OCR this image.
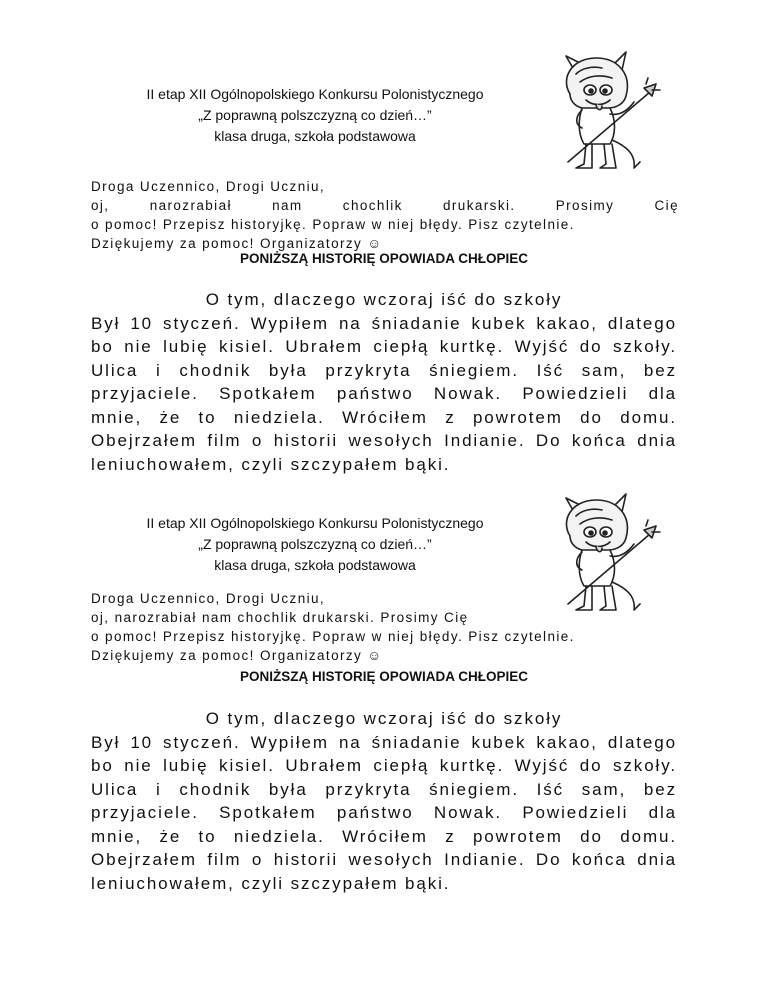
II etap XII Ogólnopolskiego Konkursu Polonistycznego
„Z poprawną polszczyzną co dzień…”
klasa druga, szkoła podstawowa
Droga Uczennico, Drogi Uczniu,
oj, narozrabiał nam chochlik drukarski. Prosimy Cię
o pomoc! Przepisz historyjkę. Popraw w niej błędy. Pisz czytelnie.
Dziękujemy za pomoc! Organizatorzy ☺
PONIŻSZĄ HISTORIĘ OPOWIADA CHŁOPIEC
O tym, dlaczego wczoraj iść do szkoły
Był 10 styczeń. Wypiłem na śniadanie kubek kakao, dlatego
bo nie lubię kisiel. Ubrałem ciepłą kurtkę. Wyjść do szkoły.
Ulica i chodnik była przykryta śniegiem. Iść sam, bez
przyjaciele. Spotkałem państwo Nowak. Powiedzieli dla
mnie, że to niedziela. Wróciłem z powrotem do domu.
Obejrzałem film o historii wesołych Indianie. Do końca dnia
leniuchowałem, czyli szczypałem bąki.
II etap XII Ogólnopolskiego Konkursu Polonistycznego
„Z poprawną polszczyzną co dzień…”
klasa druga, szkoła podstawowa
Droga Uczennico, Drogi Uczniu,
oj, narozrabiał nam chochlik drukarski. Prosimy Cię
o pomoc! Przepisz historyjkę. Popraw w niej błędy. Pisz czytelnie.
Dziękujemy za pomoc! Organizatorzy ☺
PONIŻSZĄ HISTORIĘ OPOWIADA CHŁOPIEC
O tym, dlaczego wczoraj iść do szkoły
Był 10 styczeń. Wypiłem na śniadanie kubek kakao, dlatego
bo nie lubię kisiel. Ubrałem ciepłą kurtkę. Wyjść do szkoły.
Ulica i chodnik była przykryta śniegiem. Iść sam, bez
przyjaciele. Spotkałem państwo Nowak. Powiedzieli dla
mnie, że to niedziela. Wróciłem z powrotem do domu.
Obejrzałem film o historii wesołych Indianie. Do końca dnia
leniuchowałem, czyli szczypałem bąki.
